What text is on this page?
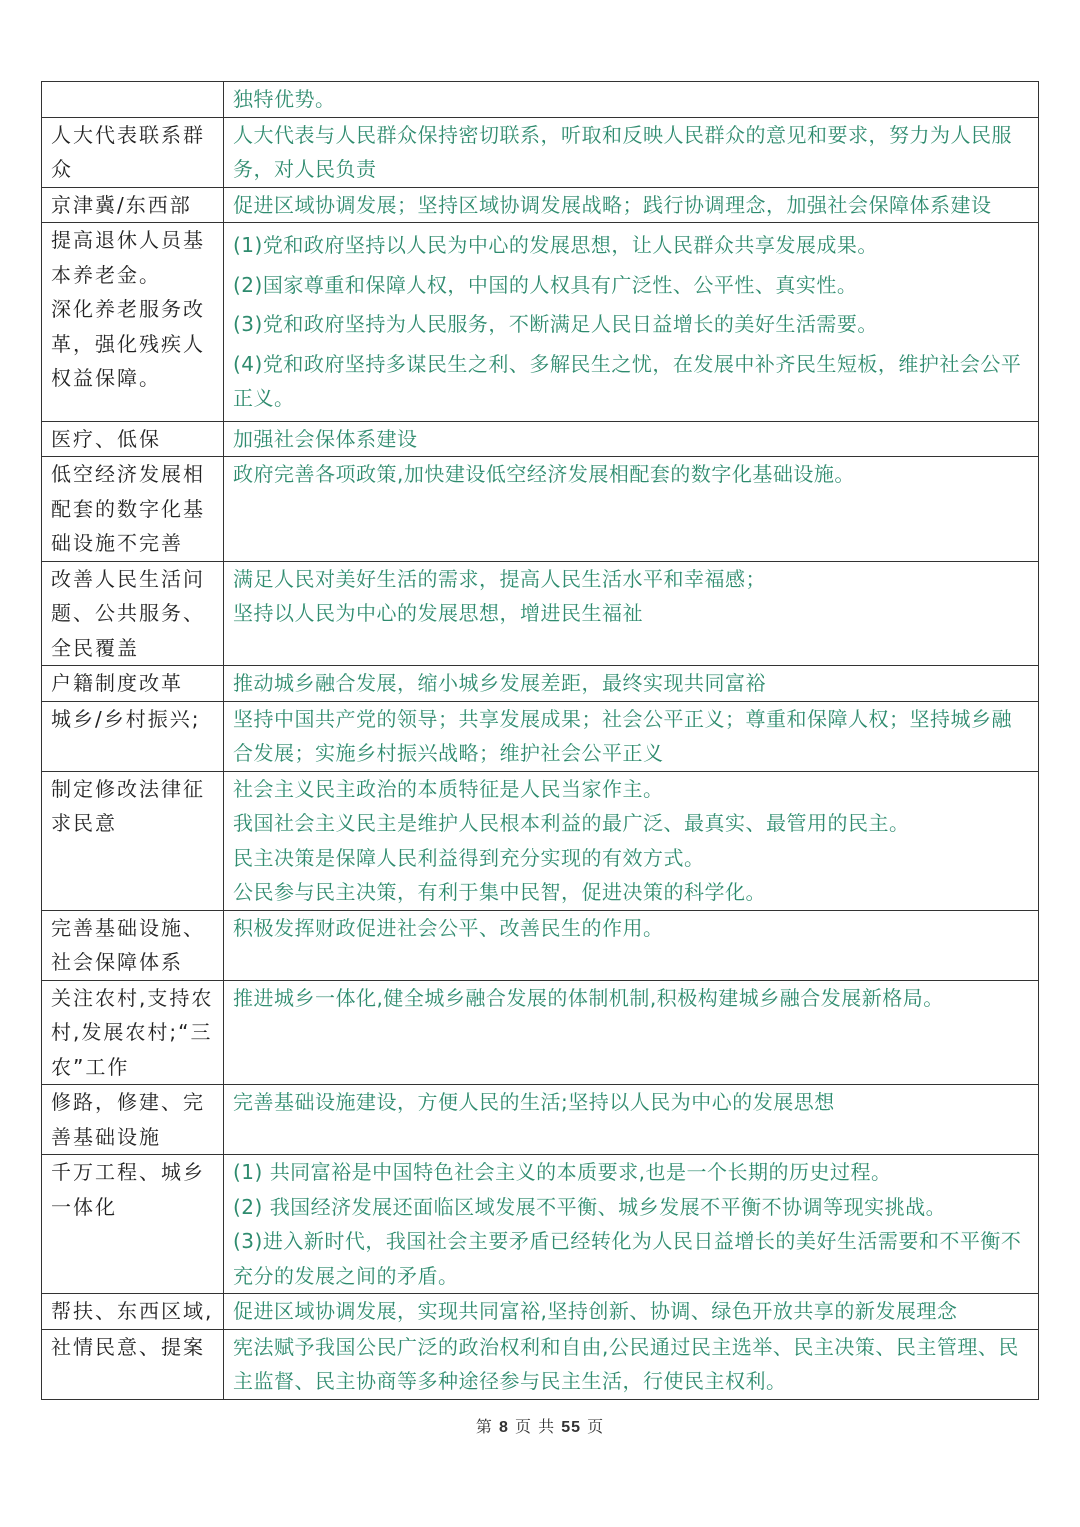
	独特优势。

人大代表联系群众	人大代表与人民群众保持密切联系，听取和反映人民群众的意见和要求，努力为人民服务，对人民负责

京津冀/东西部	促进区域协调发展；坚持区域协调发展战略；践行协调理念，加强社会保障体系建设

提高退休人员基本养老金。
深化养老服务改革，强化残疾人权益保障。	(1)党和政府坚持以人民为中心的发展思想，让人民群众共享发展成果。
(2)国家尊重和保障人权，中国的人权具有广泛性、公平性、真实性。
(3)党和政府坚持为人民服务，不断满足人民日益增长的美好生活需要。
(4)党和政府坚持多谋民生之利、多解民生之忧，在发展中补齐民生短板，维护社会公平正义。

医疗、低保	加强社会保体系建设

低空经济发展相配套的数字化基础设施不完善	政府完善各项政策,加快建设低空经济发展相配套的数字化基础设施。

改善人民生活问题、公共服务、全民覆盖	满足人民对美好生活的需求，提高人民生活水平和幸福感；
坚持以人民为中心的发展思想，增进民生福祉

户籍制度改革	推动城乡融合发展，缩小城乡发展差距，最终实现共同富裕

城乡/乡村振兴;	坚持中国共产党的领导；共享发展成果；社会公平正义；尊重和保障人权；坚持城乡融合发展；实施乡村振兴战略；维护社会公平正义

制定修改法律征求民意	社会主义民主政治的本质特征是人民当家作主。
我国社会主义民主是维护人民根本利益的最广泛、最真实、最管用的民主。
民主决策是保障人民利益得到充分实现的有效方式。
公民参与民主决策，有利于集中民智，促进决策的科学化。

完善基础设施、社会保障体系	积极发挥财政促进社会公平、改善民生的作用。

关注农村,支持农村,发展农村;“三农”工作	推进城乡一体化,健全城乡融合发展的体制机制,积极构建城乡融合发展新格局。

修路，修建、完善基础设施	完善基础设施建设，方便人民的生活;坚持以人民为中心的发展思想

千万工程、城乡一体化	(1) 共同富裕是中国特色社会主义的本质要求,也是一个长期的历史过程。
(2) 我国经济发展还面临区域发展不平衡、城乡发展不平衡不协调等现实挑战。
(3)进入新时代，我国社会主要矛盾已经转化为人民日益增长的美好生活需要和不平衡不充分的发展之间的矛盾。

帮扶、东西区域,	促进区域协调发展，实现共同富裕,坚持创新、协调、绿色开放共享的新发展理念

社情民意、提案	宪法赋予我国公民广泛的政治权利和自由,公民通过民主选举、民主决策、民主管理、民主监督、民主协商等多种途径参与民主生活，行使民主权利。
第 8 页 共 55 页
